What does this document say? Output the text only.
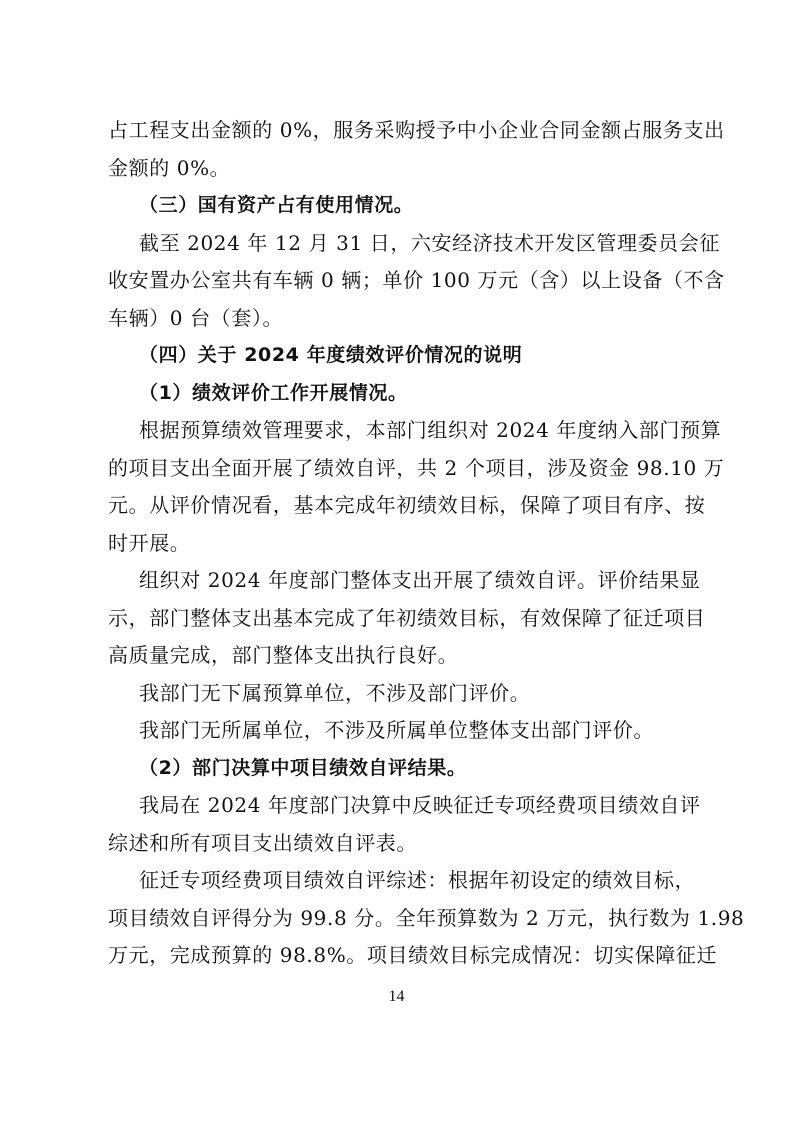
占工程支出金额的 0%，服务采购授予中小企业合同金额占服务支出
金额的 0%。
（三）国有资产占有使用情况。
截至 2024 年 12 月 31 日，六安经济技术开发区管理委员会征
收安置办公室共有车辆 0 辆；单价 100 万元（含）以上设备（不含
车辆）0 台（套）。
（四）关于 2024 年度绩效评价情况的说明
（1）绩效评价工作开展情况。
根据预算绩效管理要求，本部门组织对 2024 年度纳入部门预算
的项目支出全面开展了绩效自评，共 2 个项目，涉及资金 98.10 万
元。从评价情况看，基本完成年初绩效目标，保障了项目有序、按
时开展。
组织对 2024 年度部门整体支出开展了绩效自评。评价结果显
示，部门整体支出基本完成了年初绩效目标，有效保障了征迁项目
高质量完成，部门整体支出执行良好。
我部门无下属预算单位，不涉及部门评价。
我部门无所属单位，不涉及所属单位整体支出部门评价。
（2）部门决算中项目绩效自评结果。
我局在 2024 年度部门决算中反映征迁专项经费项目绩效自评
综述和所有项目支出绩效自评表。
征迁专项经费项目绩效自评综述：根据年初设定的绩效目标，
项目绩效自评得分为 99.8 分。全年预算数为 2 万元，执行数为 1.98
万元，完成预算的 98.8%。项目绩效目标完成情况：切实保障征迁
14
